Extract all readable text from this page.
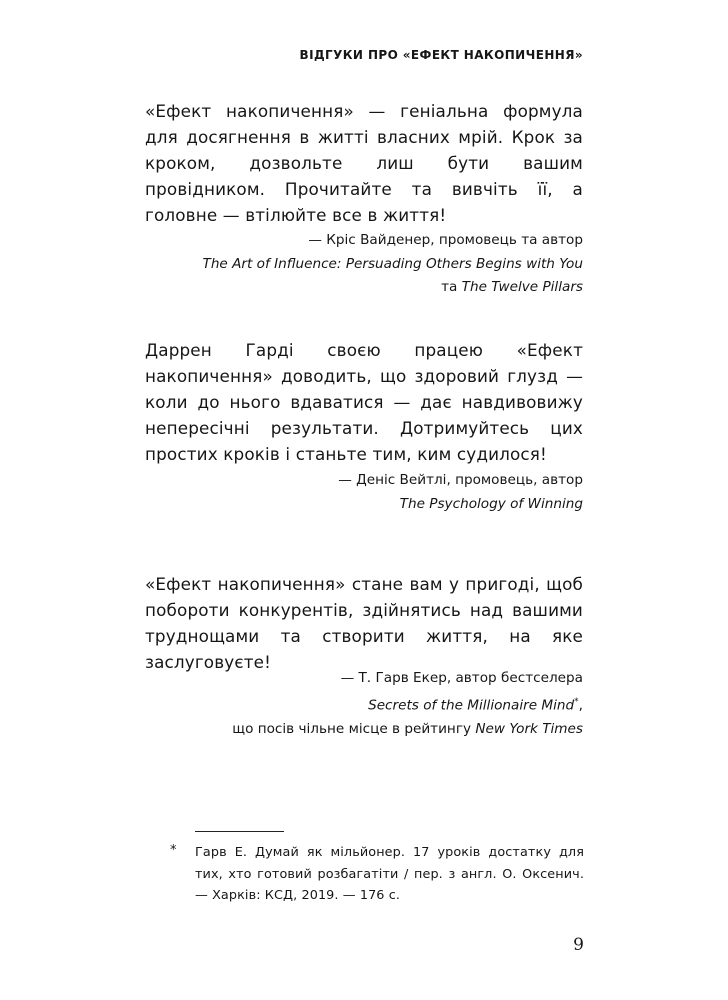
ВІДГУКИ ПРО «ЕФЕКТ НАКОПИЧЕННЯ»

«Ефект накопичення» — геніальна формула для досягнення в житті власних мрій. Крок за кроком, дозвольте лиш бути вашим провідником. Прочитайте та вивчіть її, а головне — втілюйте все в життя!

— Кріс Вайденер, промовець та автор
The Art of Influence: Persuading Others Begins with You
та The Twelve Pillars

Даррен Гарді своєю працею «Ефект накопичення» доводить, що здоровий глузд — коли до нього вдаватися — дає навдивовижу непересічні результати. Дотримуйтесь цих простих кроків і станьте тим, ким судилося!

— Деніс Вейтлі, промовець, автор
The Psychology of Winning

«Ефект накопичення» стане вам у пригоді, щоб побороти конкурентів, здійнятись над вашими труднощами та створити життя, на яке заслуговуєте!

— Т. Гарв Екер, автор бестселера
Secrets of the Millionaire Mind*,
що посів чільне місце в рейтингу New York Times
* Гарв Е. Думай як мільйонер. 17 уроків достатку для тих, хто готовий розбагатіти / пер. з англ. О. Оксенич. — Харків: КСД, 2019. — 176 с.

9
